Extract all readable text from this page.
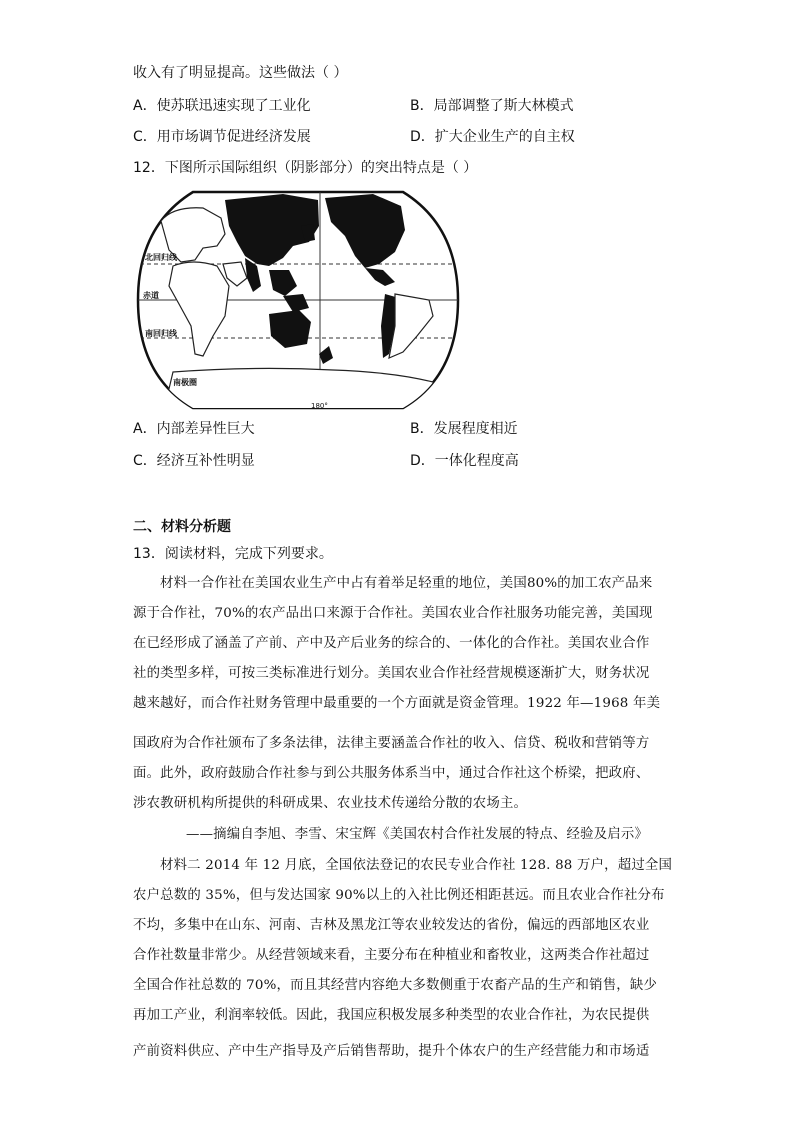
收入有了明显提高。这些做法（ ）
A．使苏联迅速实现了工业化	B．局部调整了斯大林模式
C．用市场调节促进经济发展	D．扩大企业生产的自主权
12．下图所示国际组织（阴影部分）的突出特点是（ ）
北回归线
赤道
南回归线
南极圈
180°
A．内部差异性巨大	B．发展程度相近
C．经济互补性明显	D．一体化程度高
二、材料分析题
13．阅读材料，完成下列要求。
材料一合作社在美国农业生产中占有着举足轻重的地位，美国80%的加工农产品来
源于合作社，70%的农产品出口来源于合作社。美国农业合作社服务功能完善，美国现
在已经形成了涵盖了产前、产中及产后业务的综合的、一体化的合作社。美国农业合作
社的类型多样，可按三类标准进行划分。美国农业合作社经营规模逐渐扩大，财务状况
越来越好，而合作社财务管理中最重要的一个方面就是资金管理。1922 年—1968 年美
国政府为合作社颁布了多条法律，法律主要涵盖合作社的收入、信贷、税收和营销等方
面。此外，政府鼓励合作社参与到公共服务体系当中，通过合作社这个桥梁，把政府、
涉农教研机构所提供的科研成果、农业技术传递给分散的农场主。
——摘编自李旭、李雪、宋宝辉《美国农村合作社发展的特点、经验及启示》
材料二 2014 年 12 月底，全国依法登记的农民专业合作社 128. 88 万户，超过全国
农户总数的 35%，但与发达国家 90%以上的入社比例还相距甚远。而且农业合作社分布
不均，多集中在山东、河南、吉林及黑龙江等农业较发达的省份，偏远的西部地区农业
合作社数量非常少。从经营领域来看，主要分布在种植业和畜牧业，这两类合作社超过
全国合作社总数的 70%，而且其经营内容绝大多数侧重于农畜产品的生产和销售，缺少
再加工产业，利润率较低。因此，我国应积极发展多种类型的农业合作社，为农民提供
产前资料供应、产中生产指导及产后销售帮助，提升个体农户的生产经营能力和市场适
